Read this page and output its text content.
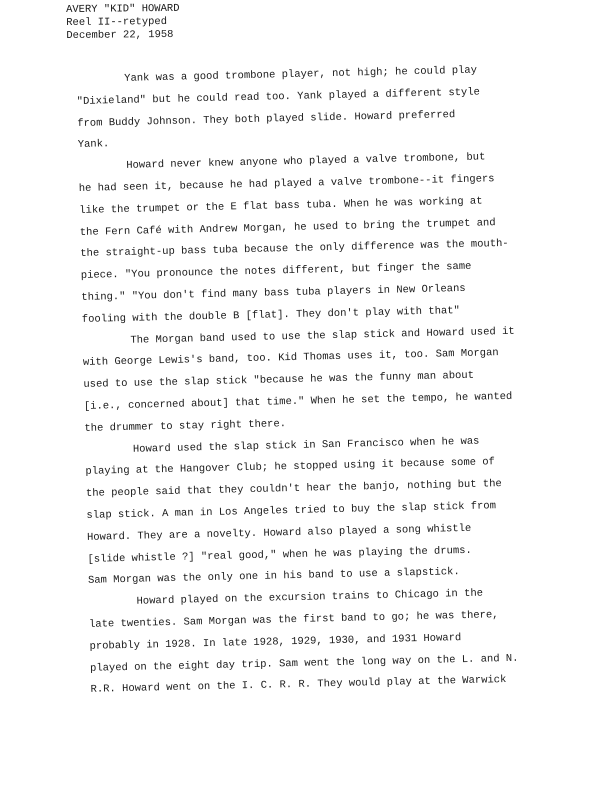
AVERY "KID" HOWARD
Reel II--retyped
December 22, 1958
Yank was a good trombone player, not high; he could play
"Dixieland" but he could read too. Yank played a different style
from Buddy Johnson. They both played slide. Howard preferred
Yank.
Howard never knew anyone who played a valve trombone, but
he had seen it, because he had played a valve trombone--it fingers
like the trumpet or the E flat bass tuba. When he was working at
the Fern Café with Andrew Morgan, he used to bring the trumpet and
the straight-up bass tuba because the only difference was the mouth-
piece. "You pronounce the notes different, but finger the same
thing." "You don't find many bass tuba players in New Orleans
fooling with the double B [flat]. They don't play with that"
The Morgan band used to use the slap stick and Howard used it
with George Lewis's band, too. Kid Thomas uses it, too. Sam Morgan
used to use the slap stick "because he was the funny man about
[i.e., concerned about] that time." When he set the tempo, he wanted
the drummer to stay right there.
Howard used the slap stick in San Francisco when he was
playing at the Hangover Club; he stopped using it because some of
the people said that they couldn't hear the banjo, nothing but the
slap stick. A man in Los Angeles tried to buy the slap stick from
Howard. They are a novelty. Howard also played a song whistle
[slide whistle ?] "real good," when he was playing the drums.
Sam Morgan was the only one in his band to use a slapstick.
Howard played on the excursion trains to Chicago in the
late twenties. Sam Morgan was the first band to go; he was there,
probably in 1928. In late 1928, 1929, 1930, and 1931 Howard
played on the eight day trip. Sam went the long way on the L. and N.
R.R. Howard went on the I. C. R. R. They would play at the Warwick
